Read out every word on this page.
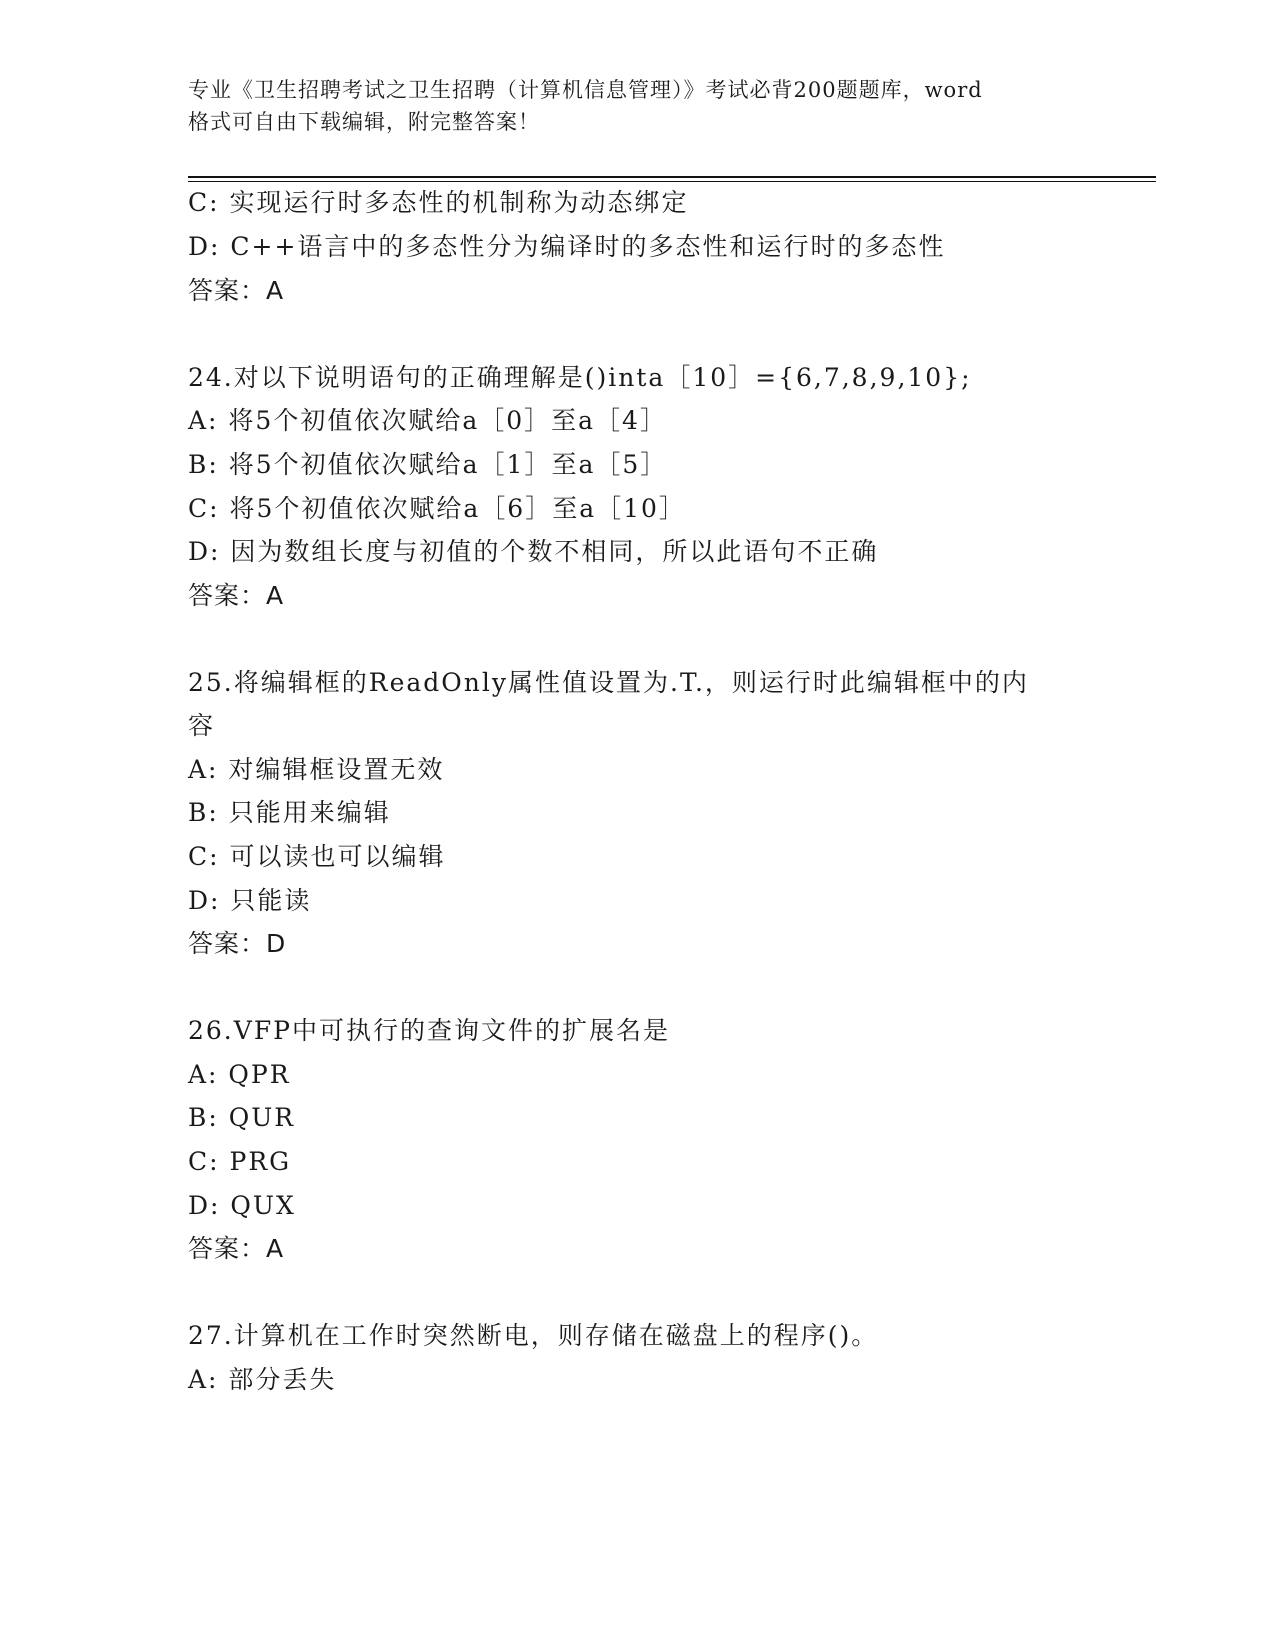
专业《卫生招聘考试之卫生招聘（计算机信息管理）》考试必背200题题库，word
格式可自由下载编辑，附完整答案！
C: 实现运行时多态性的机制称为动态绑定
D: C++语言中的多态性分为编译时的多态性和运行时的多态性
答案：A
24.对以下说明语句的正确理解是()inta［10］={6,7,8,9,10};
A: 将5个初值依次赋给a［0］至a［4］
B: 将5个初值依次赋给a［1］至a［5］
C: 将5个初值依次赋给a［6］至a［10］
D: 因为数组长度与初值的个数不相同，所以此语句不正确
答案：A
25.将编辑框的ReadOnly属性值设置为.T.，则运行时此编辑框中的内
容
A: 对编辑框设置无效
B: 只能用来编辑
C: 可以读也可以编辑
D: 只能读
答案：D
26.VFP中可执行的查询文件的扩展名是
A: QPR
B: QUR
C: PRG
D: QUX
答案：A
27.计算机在工作时突然断电，则存储在磁盘上的程序()。
A: 部分丢失
